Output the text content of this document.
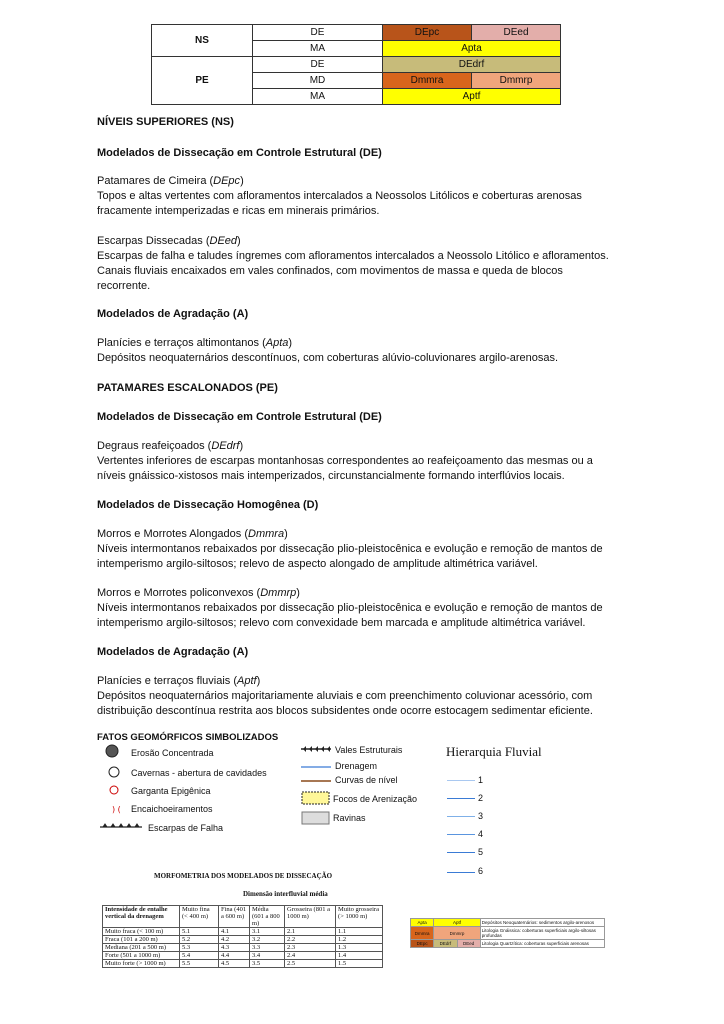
NS	DE	DEpc	DEed
	MA	Apta	
PE	DE	DEdrf	
	MD	Dmmra	Dmmrp
	MA	Aptf	
NÍVEIS SUPERIORES (NS)
Modelados de Dissecação em Controle Estrutural (DE)

Patamares de Cimeira (DEpc)

Topos e altas vertentes com afloramentos intercalados a Neossolos Litólicos e coberturas arenosas fracamente intemperizadas e ricas em minerais primários.

Escarpas Dissecadas (DEed)

Escarpas de falha e taludes íngremes com afloramentos intercalados a Neossolo Litólico e afloramentos. Canais fluviais encaixados em vales confinados, com movimentos de massa e queda de blocos recorrente.

Modelados de Agradação (A)

Planícies e terraços altimontanos (Apta)

Depósitos neoquaternários descontínuos, com coberturas alúvio-coluvionares argilo-arenosas.

PATAMARES ESCALONADOS (PE)
Modelados de Dissecação em Controle Estrutural (DE)

Degraus reafeiçoados (DEdrf)

Vertentes inferiores de escarpas montanhosas correspondentes ao reafeiçoamento das mesmas ou a níveis gnáissico-xistosos mais intemperizados, circunstancialmente formando interflúvios locais.

Modelados de Dissecação Homogênea (D)

Morros e Morrotes Alongados (Dmmra)

Níveis intermontanos rebaixados por dissecação plio-pleistocênica e evolução e remoção de mantos de intemperismo argilo-siltosos; relevo de aspecto alongado de amplitude altimétrica variável.

Morros e Morrotes policonvexos (Dmmrp)

Níveis intermontanos rebaixados por dissecação plio-pleistocênica e evolução e remoção de mantos de intemperismo argilo-siltosos; relevo com convexidade bem marcada e amplitude altimétrica variável.

Modelados de Agradação (A)

Planícies e terraços fluviais (Aptf)

Depósitos neoquaternários majoritariamente aluviais e com preenchimento coluvionar acessório, com distribuição descontínua restrita aos blocos subsidentes onde ocorre estocagem sedimentar eficiente.

FATOS GEOMÓRFICOS SIMBOLIZADOS
) (
Erosão Concentrada
Cavernas - abertura de cavidades
Garganta Epigênica
Encaichoeiramentos
Escarpas de Falha
Vales Estruturais
Drenagem
Curvas de nível
Focos de Arenização
Ravinas
Hierarquia Fluvial
1
2
3
4
5
6
MORFOMETRIA DOS MODELADOS DE DISSECAÇÃO
Dimensão interfluvial média
Intensidade de entalhe vertical da drenagem	Muito fina (< 400 m)	Fina (401 a 600 m)	Média (601 a 800 m)	Grosseira (801 a 1000 m)	Muito grosseira (> 1000 m)
Muito fraca (< 100 m)	5.1	4.1	3.1	2.1	1.1
Fraca (101 a 200 m)	5.2	4.2	3.2	2.2	1.2
Mediana (201 a 500 m)	5.3	4.3	3.3	2.3	1.3
Forte (501 a 1000 m)	5.4	4.4	3.4	2.4	1.4
Muito forte (> 1000 m)	5.5	4.5	3.5	2.5	1.5
Apta	Aptf		Depósitos Neoquaternários: sedimentos argilo-arenosos
Dmmra	Dmmrp		Litologia Gnáissica: coberturas superficiais argilo-siltosas profundas
DEpc	DEdrf	DEed	Litologia Quartzítica: coberturas superficiais arenosas
